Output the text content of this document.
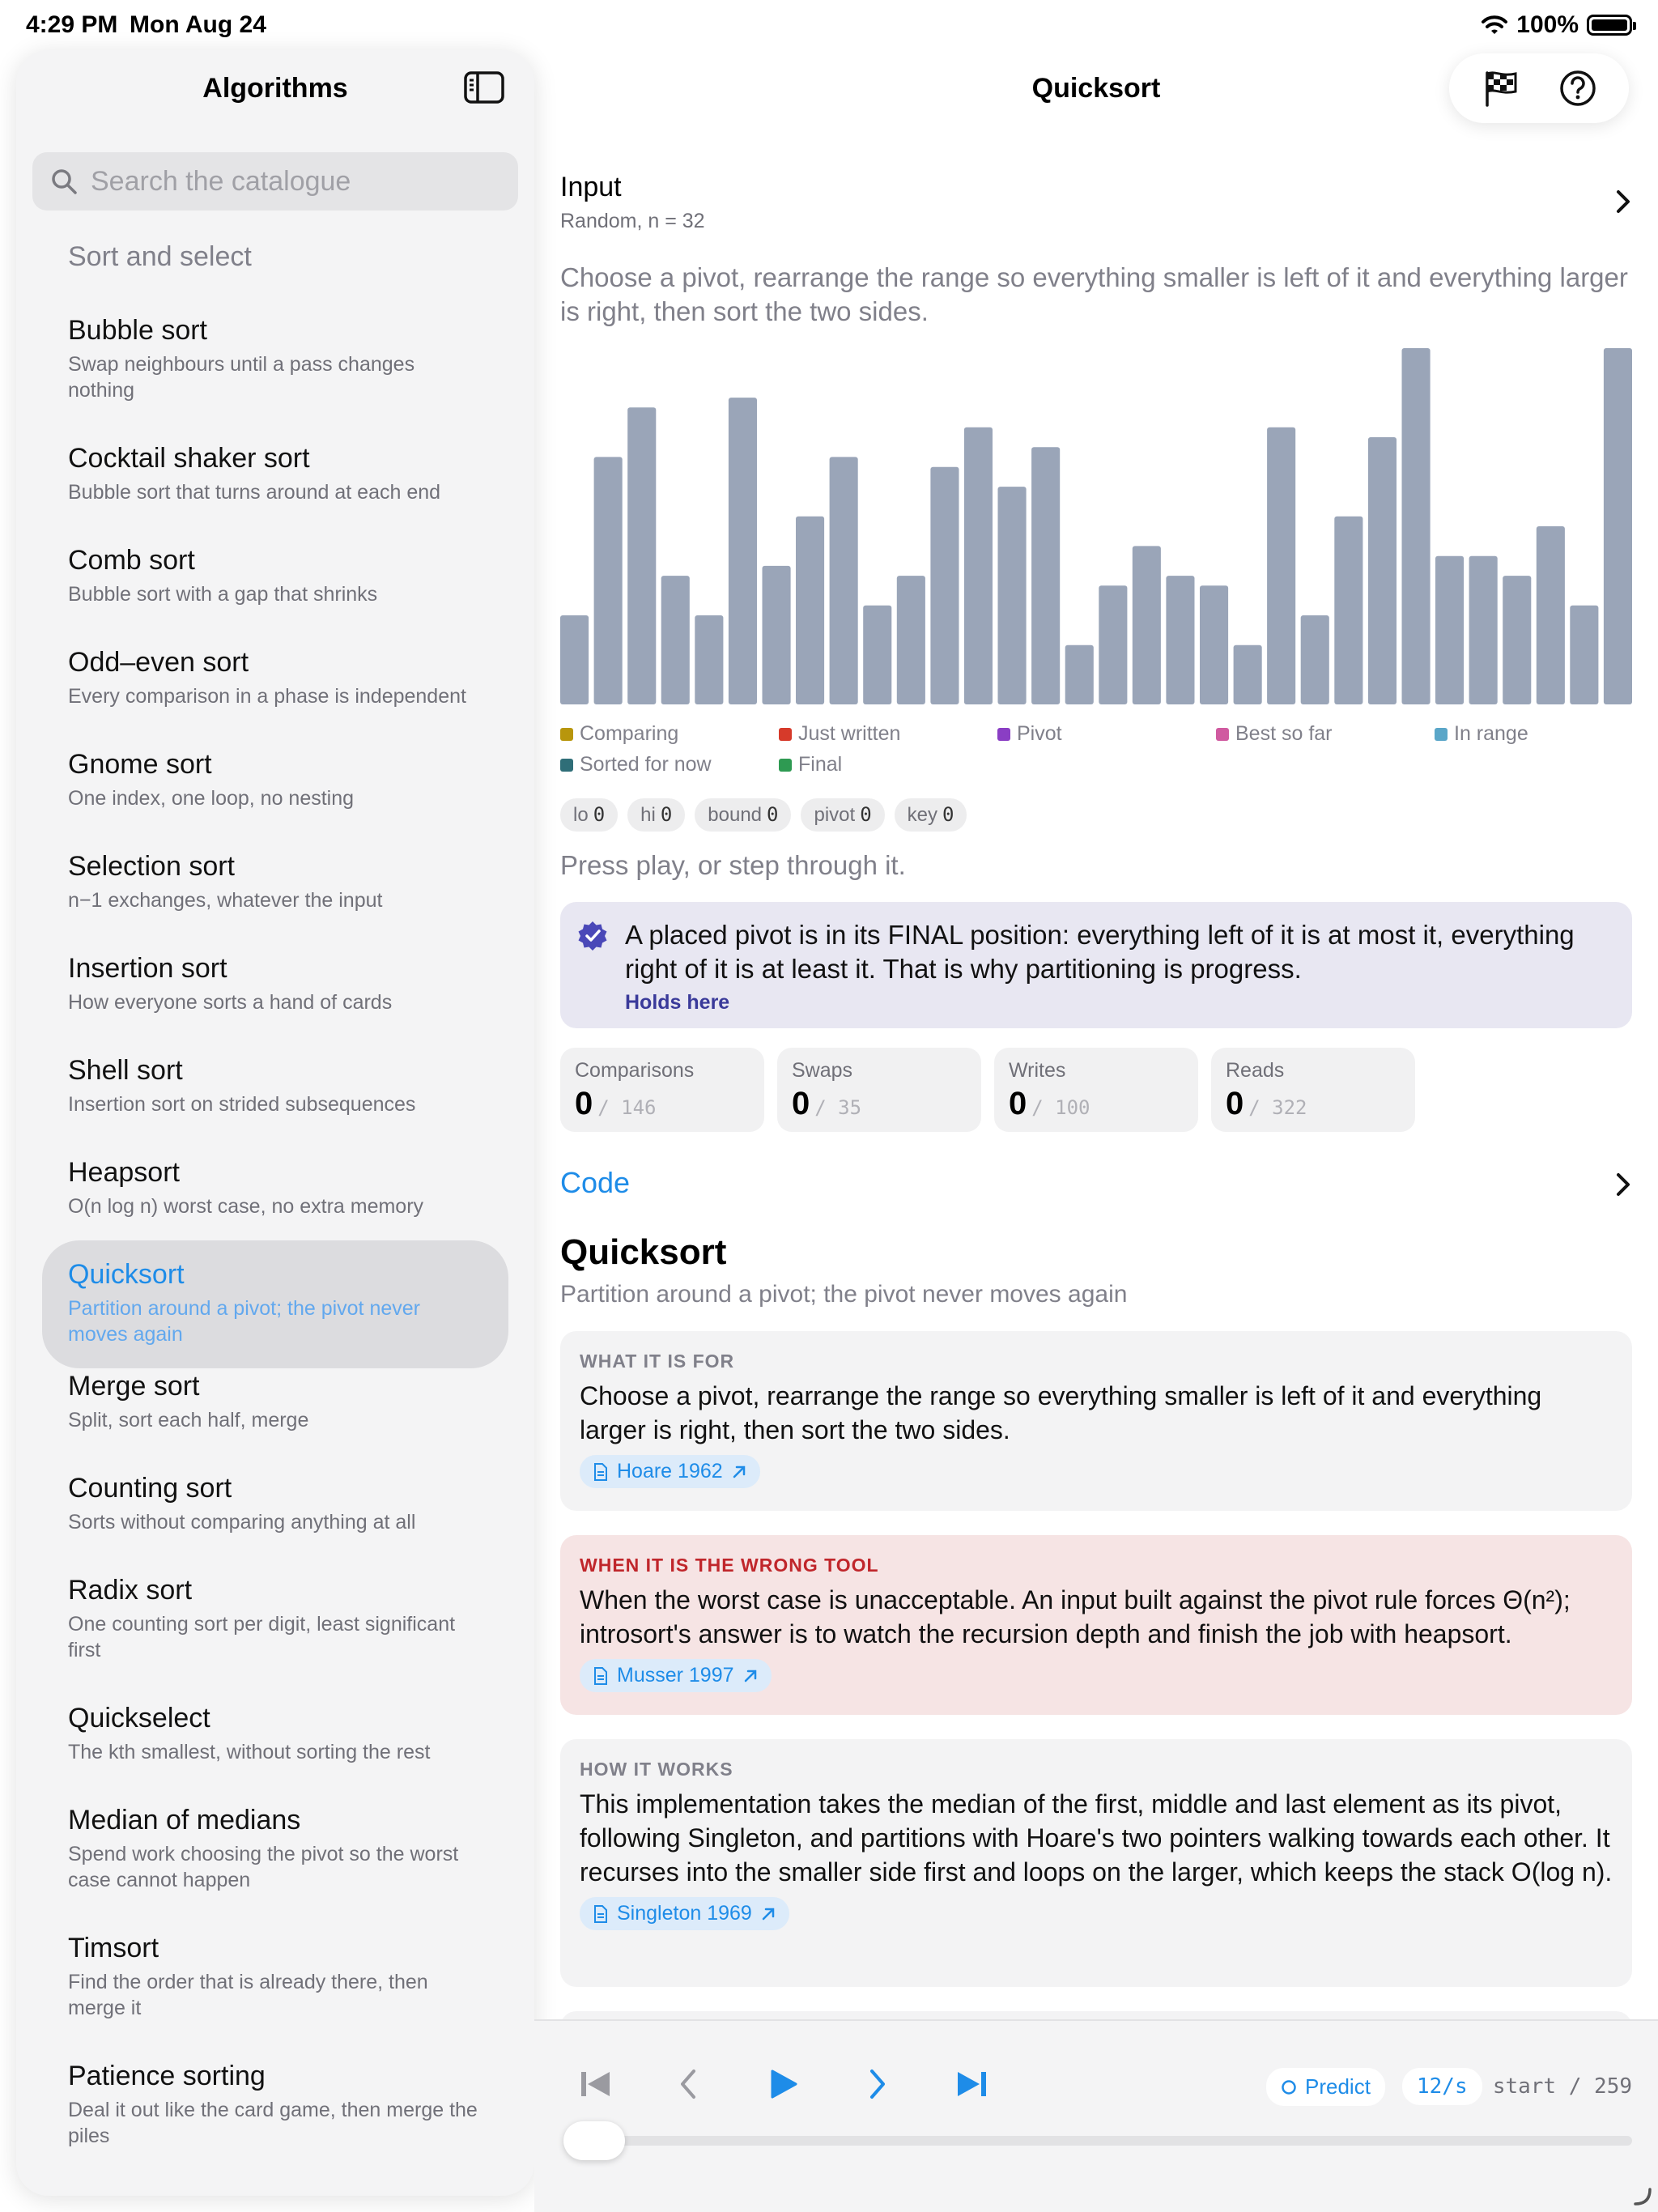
4:29 PM Mon Aug 24	100%
Algorithms
Search the catalogue
Sort and select
Bubble sort
Swap neighbours until a pass changes nothing
Cocktail shaker sort
Bubble sort that turns around at each end
Comb sort
Bubble sort with a gap that shrinks
Odd–even sort
Every comparison in a phase is independent
Gnome sort
One index, one loop, no nesting
Selection sort
n−1 exchanges, whatever the input
Insertion sort
How everyone sorts a hand of cards
Shell sort
Insertion sort on strided subsequences
Heapsort
O(n log n) worst case, no extra memory
Quicksort
Partition around a pivot; the pivot never moves again
Merge sort
Split, sort each half, merge
Counting sort
Sorts without comparing anything at all
Radix sort
One counting sort per digit, least significant first
Quickselect
The kth smallest, without sorting the rest
Median of medians
Spend work choosing the pivot so the worst case cannot happen
Timsort
Find the order that is already there, then merge it
Patience sorting
Deal it out like the card game, then merge the piles
Quicksort
Input
Random, n = 32
Choose a pivot, rearrange the range so everything smaller is left of it and everything larger is right, then sort the two sides.
Comparing	Just written	Pivot	Best so far	In range
Sorted for now	Final
lo 0	hi 0	bound 0	pivot 0	key 0
Press play, or step through it.
A placed pivot is in its FINAL position: everything left of it is at most it, everything right of it is at least it. That is why partitioning is progress.
Holds here
Comparisons
0 / 146
Swaps
0 / 35
Writes
0 / 100
Reads
0 / 322
Code
Quicksort
Partition around a pivot; the pivot never moves again
WHAT IT IS FOR
Choose a pivot, rearrange the range so everything smaller is left of it and everything larger is right, then sort the two sides.
Hoare 1962
WHEN IT IS THE WRONG TOOL
When the worst case is unacceptable. An input built against the pivot rule forces Θ(n²); introsort's answer is to watch the recursion depth and finish the job with heapsort.
Musser 1997
HOW IT WORKS
This implementation takes the median of the first, middle and last element as its pivot, following Singleton, and partitions with Hoare's two pointers walking towards each other. It recurses into the smaller side first and loops on the larger, which keeps the stack O(log n).
Singleton 1969
Predict	12/s	start / 259
